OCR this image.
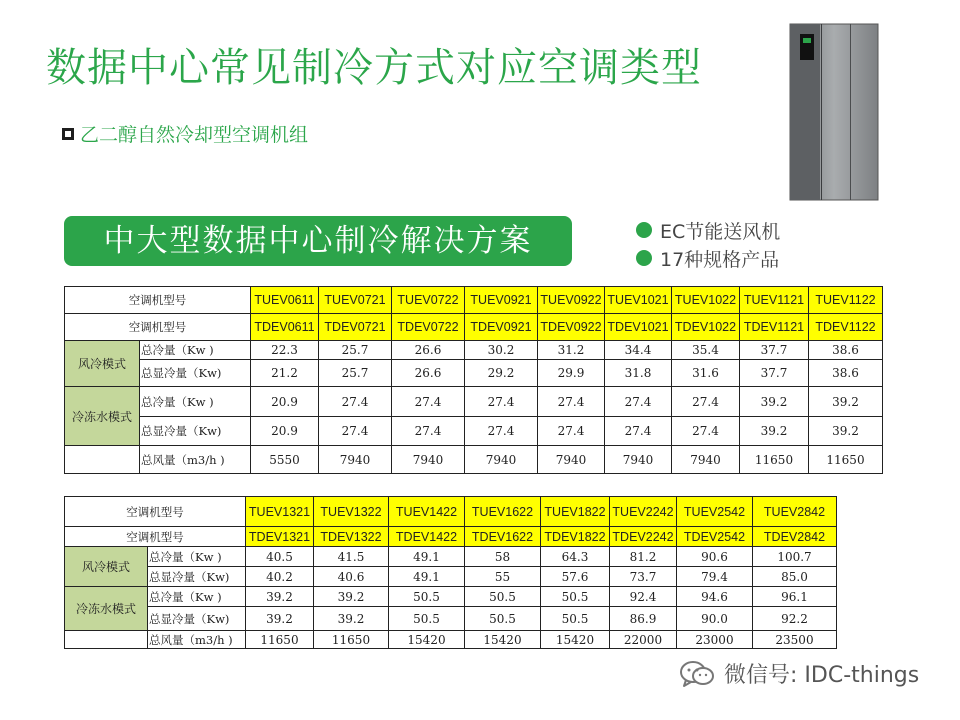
数据中心常见制冷方式对应空调类型
乙二醇自然冷却型空调机组
中大型数据中心制冷解决方案	EC节能送风机
17种规格产品
空调机型号		TUEV0611	TUEV0721	TUEV0722	TUEV0921	TUEV0922	TUEV1021	TUEV1022	TUEV1121	TUEV1122
空调机型号		TDEV0611	TDEV0721	TDEV0722	TDEV0921	TDEV0922	TDEV1021	TDEV1022	TDEV1121	TDEV1122
风冷模式	总冷量（Kw )	22.3	25.7	26.6	30.2	31.2	34.4	35.4	37.7	38.6
	总显冷量（Kw)	21.2	25.7	26.6	29.2	29.9	31.8	31.6	37.7	38.6
冷冻水模式	总冷量（Kw )	20.9	27.4	27.4	27.4	27.4	27.4	27.4	39.2	39.2
	总显冷量（Kw)	20.9	27.4	27.4	27.4	27.4	27.4	27.4	39.2	39.2
	总风量（m3/h )	5550	7940	7940	7940	7940	7940	7940	11650	11650
空调机型号		TUEV1321	TUEV1322	TUEV1422	TUEV1622	TUEV1822	TUEV2242	TUEV2542	TUEV2842
空调机型号		TDEV1321	TDEV1322	TDEV1422	TDEV1622	TDEV1822	TDEV2242	TDEV2542	TDEV2842
风冷模式	总冷量（Kw )	40.5	41.5	49.1	58	64.3	81.2	90.6	100.7
	总显冷量（Kw)	40.2	40.6	49.1	55	57.6	73.7	79.4	85.0
冷冻水模式	总冷量（Kw )	39.2	39.2	50.5	50.5	50.5	92.4	94.6	96.1
	总显冷量（Kw)	39.2	39.2	50.5	50.5	50.5	86.9	90.0	92.2
	总风量（m3/h )	11650	11650	15420	15420	15420	22000	23000	23500
微信号: IDC-things
